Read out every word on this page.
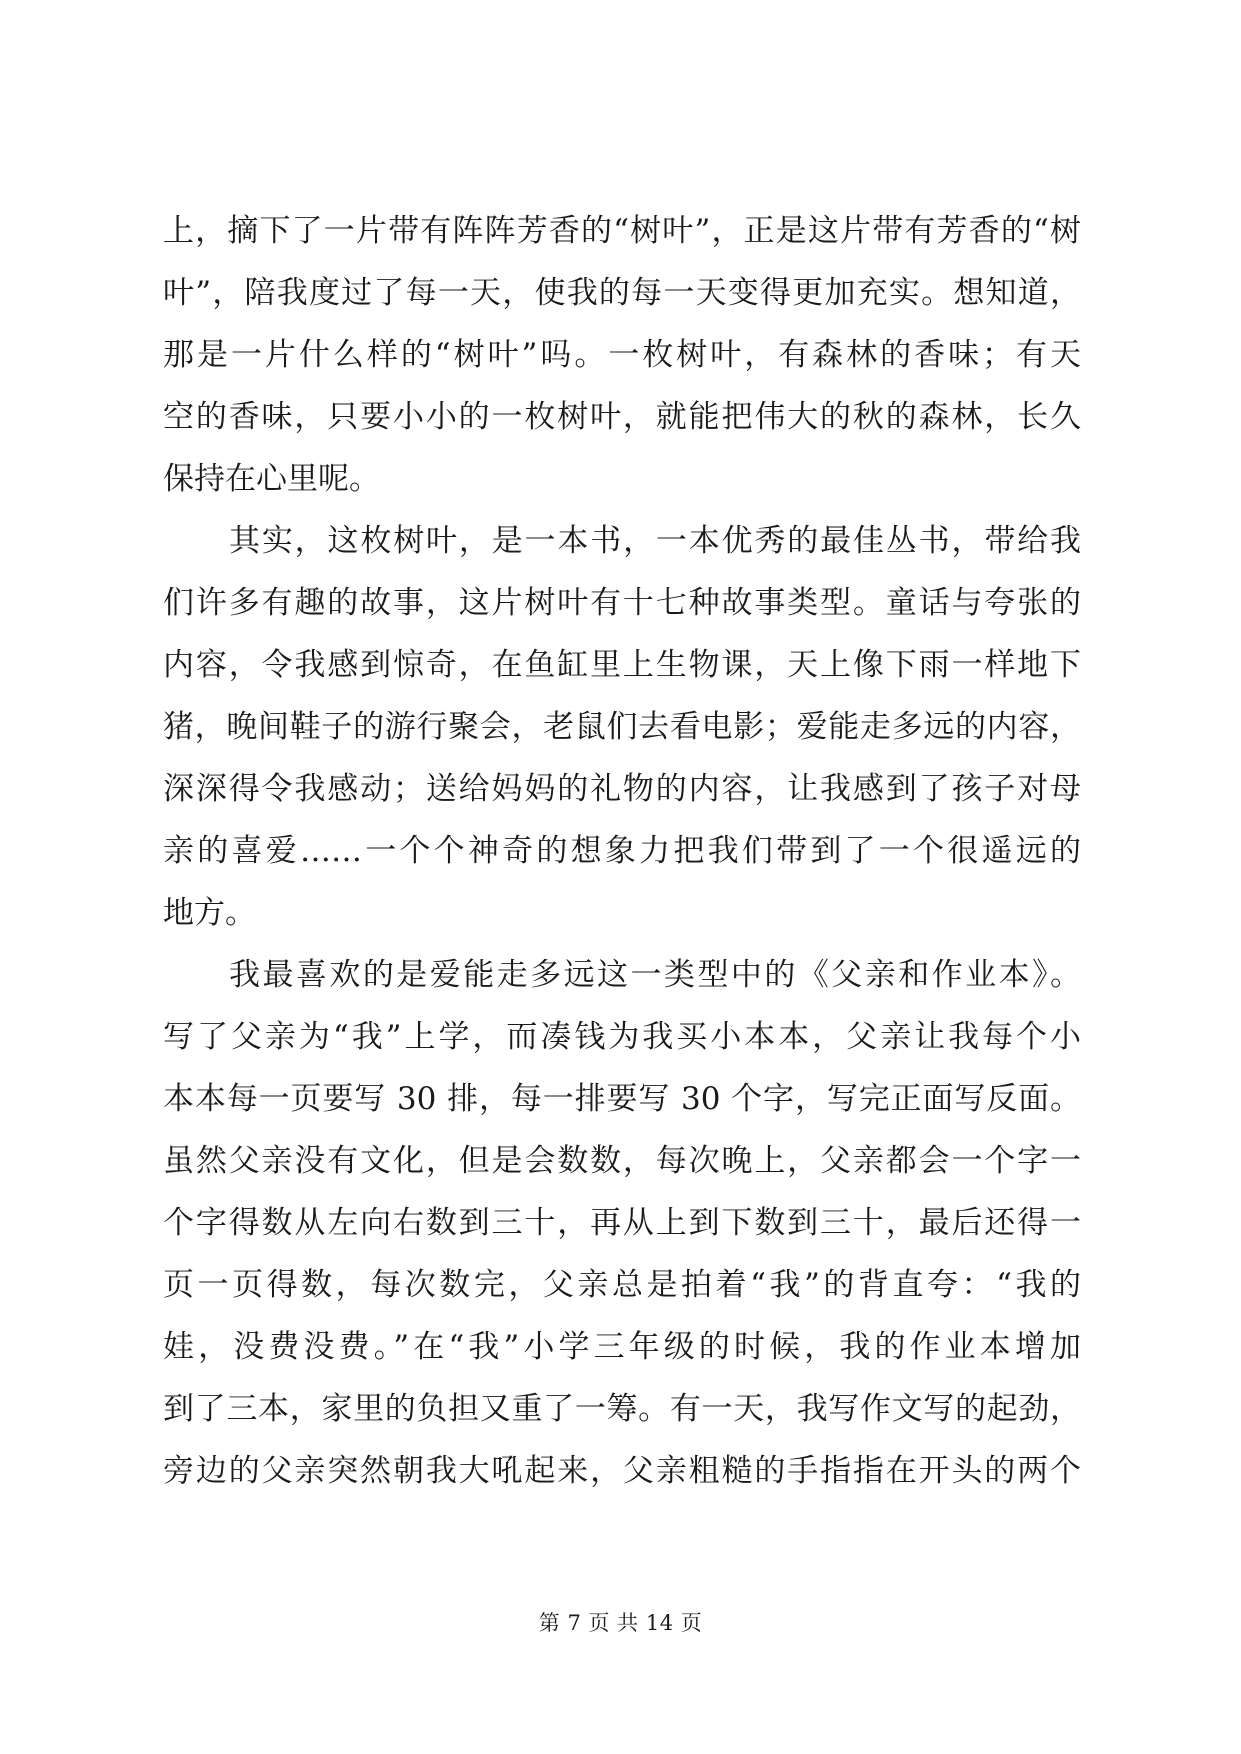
上，摘下了一片带有阵阵芳香的“树叶”，正是这片带有芳香的“树
叶”，陪我度过了每一天，使我的每一天变得更加充实。想知道，
那是一片什么样的“树叶”吗。一枚树叶，有森林的香味；有天
空的香味，只要小小的一枚树叶，就能把伟大的秋的森林，长久
保持在心里呢。
其实，这枚树叶，是一本书，一本优秀的最佳丛书，带给我
们许多有趣的故事，这片树叶有十七种故事类型。童话与夸张的
内容，令我感到惊奇，在鱼缸里上生物课，天上像下雨一样地下
猪，晚间鞋子的游行聚会，老鼠们去看电影；爱能走多远的内容，
深深得令我感动；送给妈妈的礼物的内容，让我感到了孩子对母
亲的喜爱……一个个神奇的想象力把我们带到了一个很遥远的
地方。
我最喜欢的是爱能走多远这一类型中的《父亲和作业本》。
写了父亲为“我”上学，而凑钱为我买小本本，父亲让我每个小
本本每一页要写 30 排，每一排要写 30 个字，写完正面写反面。
虽然父亲没有文化，但是会数数，每次晚上，父亲都会一个字一
个字得数从左向右数到三十，再从上到下数到三十，最后还得一
页一页得数，每次数完，父亲总是拍着“我”的背直夸：“我的
娃，没费没费。”在“我”小学三年级的时候，我的作业本增加
到了三本，家里的负担又重了一筹。有一天，我写作文写的起劲，
旁边的父亲突然朝我大吼起来，父亲粗糙的手指指在开头的两个
第 7 页 共 14 页
